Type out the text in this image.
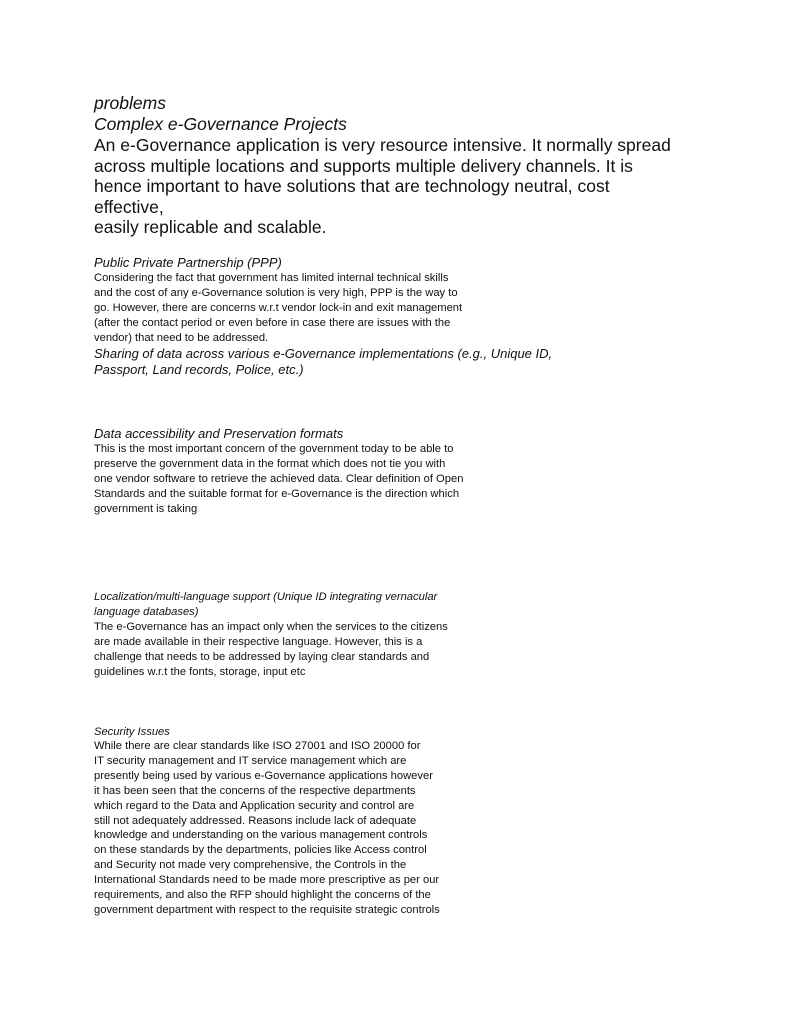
problems

Complex e-Governance Projects

An e-Governance application is very resource intensive. It normally spread
across multiple locations and supports multiple delivery channels. It is
hence important to have solutions that are technology neutral, cost
effective,
easily replicable and scalable.

Public Private Partnership (PPP)

Considering the fact that government has limited internal technical skills
and the cost of any e-Governance solution is very high, PPP is the way to
go. However, there are concerns w.r.t vendor lock-in and exit management
(after the contact period or even before in case there are issues with the
vendor) that need to be addressed.
Sharing of data across various e-Governance implementations (e.g., Unique ID,
Passport, Land records, Police, etc.)

Data accessibility and Preservation formats

This is the most important concern of the government today to be able to
preserve the government data in the format which does not tie you with
one vendor software to retrieve the achieved data. Clear definition of Open
Standards and the suitable format for e-Governance is the direction which
government is taking
Localization/multi-language support (Unique ID integrating vernacular
language databases)
The e-Governance has an impact only when the services to the citizens
are made available in their respective language. However, this is a
challenge that needs to be addressed by laying clear standards and
guidelines w.r.t the fonts, storage, input etc

Security Issues

While there are clear standards like ISO 27001 and ISO 20000 for
IT security management and IT service management which are
presently being used by various e-Governance applications however
it has been seen that the concerns of the respective departments
which regard to the Data and Application security and control are
still not adequately addressed. Reasons include lack of adequate
knowledge and understanding on the various management controls
on these standards by the departments, policies like Access control
and Security not made very comprehensive, the Controls in the
International Standards need to be made more prescriptive as per our
requirements, and also the RFP should highlight the concerns of the
government department with respect to the requisite strategic controls
